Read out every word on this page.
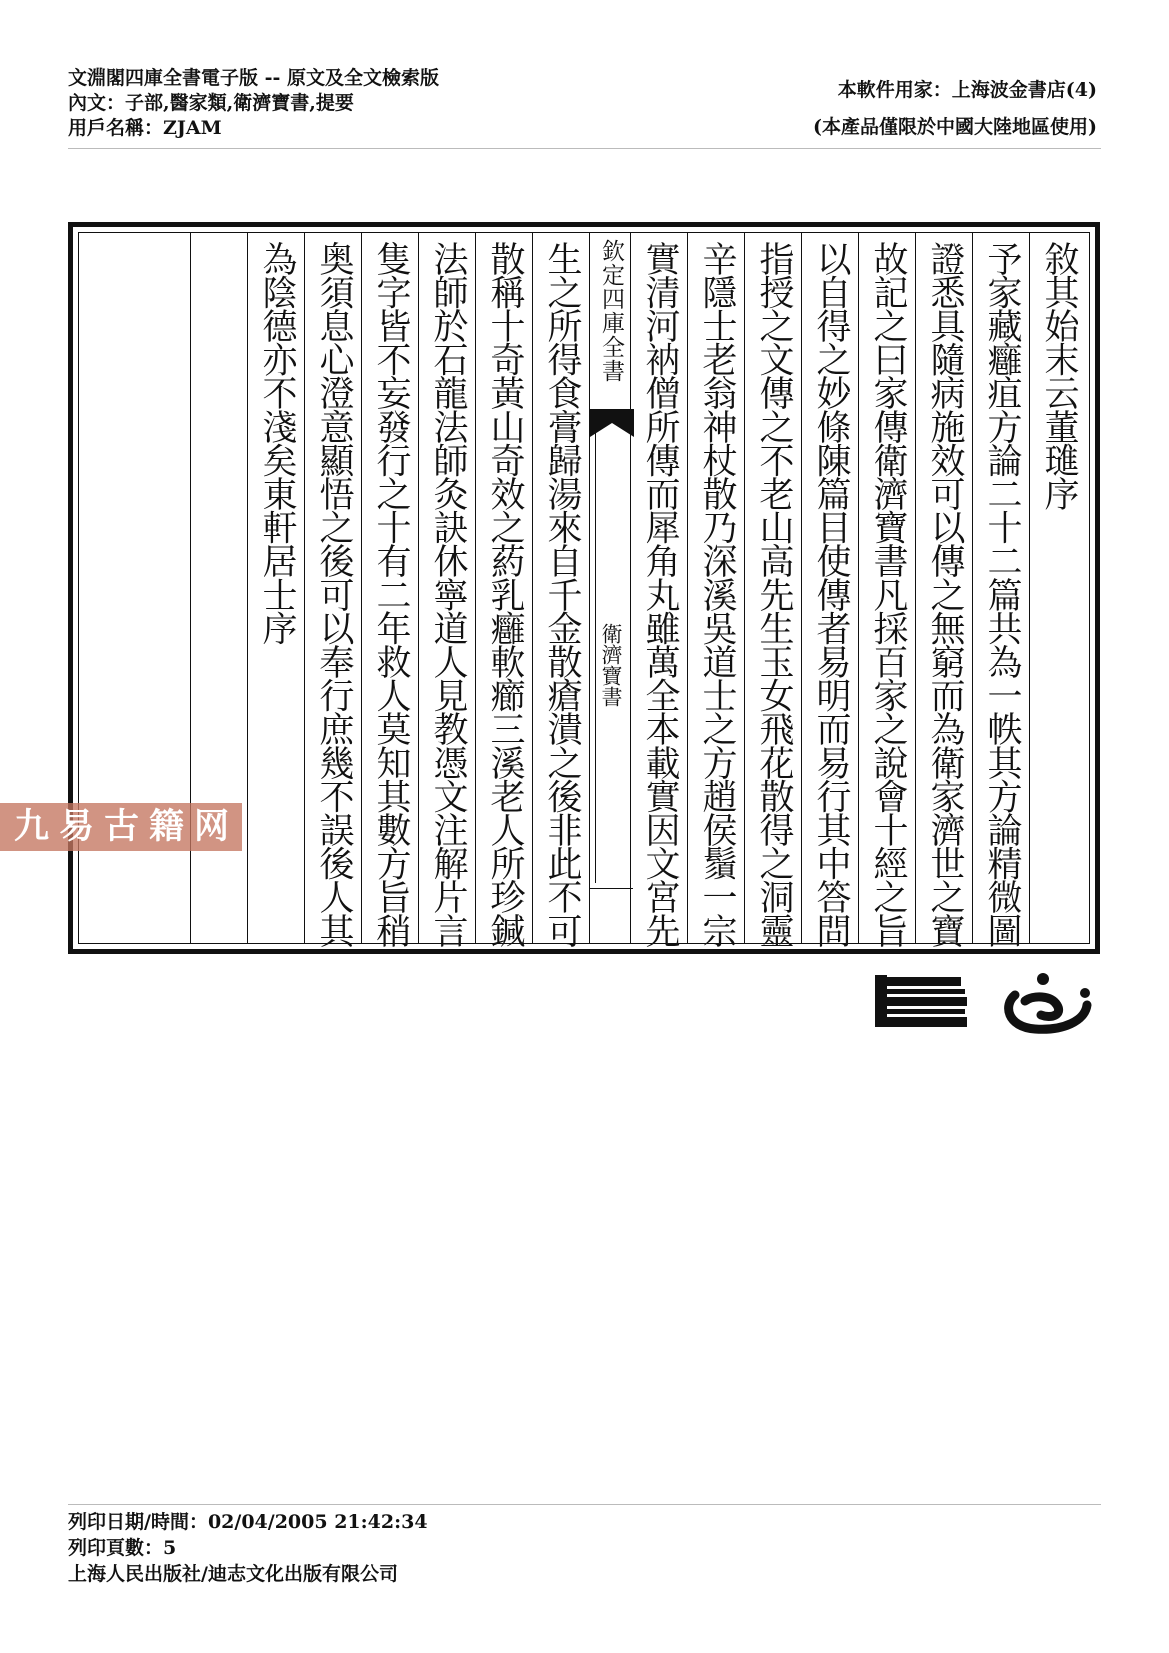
文淵閣四庫全書電子版 -- 原文及全文檢索版
內文：子部,醫家類,衛濟寶書,提要
用戶名稱：ZJAM
本軟件用家：上海波金書店(4)
(本產品僅限於中國大陸地區使用)
敘其始末云董璡序
予家藏癰疽方論二十二篇共為一帙其方論精微圖
證悉具隨病施效可以傳之無窮而為衛家濟世之寶
故記之曰家傳衛濟寶書凡採百家之說會十經之旨
以自得之妙條陳篇目使傳者易明而易行其中答問
指授之文傳之不老山高先生玉女飛花散得之洞靈
辛隱士老翁神杖散乃深溪吳道士之方趙侯鬚一宗
實清河衲僧所傳而犀角丸雖萬全本載實因文宮先
欽定四庫全書
衛濟寶書
生之所得食膏歸湯來自千金散瘡潰之後非此不可
散稱十奇黃山奇效之葯乳癰軟癤三溪老人所珍鍼
法師於石龍法師灸訣休寧道人見教憑文注解片言
隻字皆不妄發行之十有二年救人莫知其數方旨稍
奥須息心澄意顯悟之後可以奉行庶幾不誤後人其
為陰德亦不淺矣東軒居士序
九易古籍网
列印日期/時間：02/04/2005 21:42:34
列印頁數：5
上海人民出版社/迪志文化出版有限公司
